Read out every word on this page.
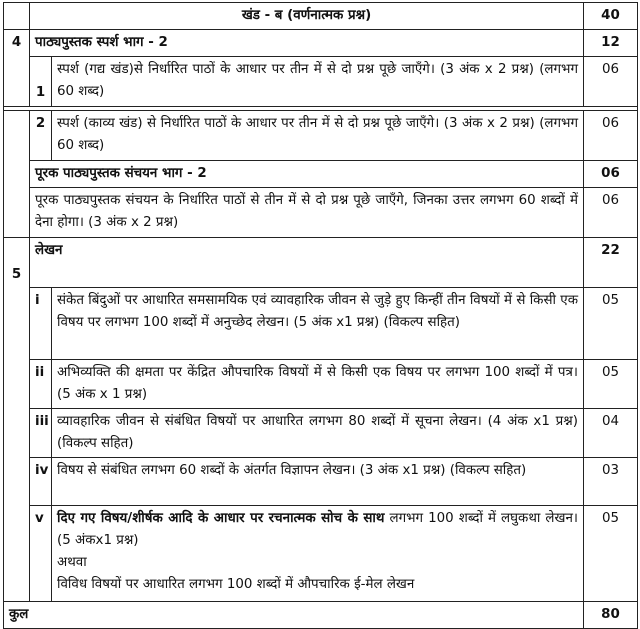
	खंड - ब (वर्णनात्मक प्रश्न)		40
4	पाठ्यपुस्तक स्पर्श भाग - 2		12
	1	स्पर्श (गद्य खंड)से निर्धारित पाठों के आधार पर तीन में से दो प्रश्न पूछे जाएँगे। (3 अंक x 2 प्रश्न) (लगभग 60 शब्द)	06

	2	स्पर्श (काव्य खंड) से निर्धारित पाठों के आधार पर तीन में से दो प्रश्न पूछे जाएँगे। (3 अंक x 2 प्रश्न) (लगभग 60 शब्द)	06
	पूरक पाठ्यपुस्तक संचयन भाग - 2		06
	पूरक पाठ्यपुस्तक संचयन के निर्धारित पाठों से तीन में से दो प्रश्न पूछे जाएँगे, जिनका उत्तर लगभग 60 शब्दों में देना होगा। (3 अंक x 2 प्रश्न)		06
5	लेखन		22
	i	संकेत बिंदुओं पर आधारित समसामयिक एवं व्यावहारिक जीवन से जुड़े हुए किन्हीं तीन विषयों में से किसी एक विषय पर लगभग 100 शब्दों में अनुच्छेद लेखन। (5 अंक x1 प्रश्न) (विकल्प सहित)	05
	ii	अभिव्यक्ति की क्षमता पर केंद्रित औपचारिक विषयों में से किसी एक विषय पर लगभग 100 शब्दों में पत्र। (5 अंक x 1 प्रश्न)	05
	iii	व्यावहारिक जीवन से संबंधित विषयों पर आधारित लगभग 80 शब्दों में सूचना लेखन। (4 अंक x1 प्रश्न) (विकल्प सहित)	04
	iv	विषय से संबंधित लगभग 60 शब्दों के अंतर्गत विज्ञापन लेखन। (3 अंक x1 प्रश्न) (विकल्प सहित)	03
	v	दिए गए विषय/शीर्षक आदि के आधार पर रचनात्मक सोच के साथ लगभग 100 शब्दों में लघुकथा लेखन। (5 अंकx1 प्रश्न)
अथवा
विविध विषयों पर आधारित लगभग 100 शब्दों में औपचारिक ई-मेल लेखन	05
कुल			80
